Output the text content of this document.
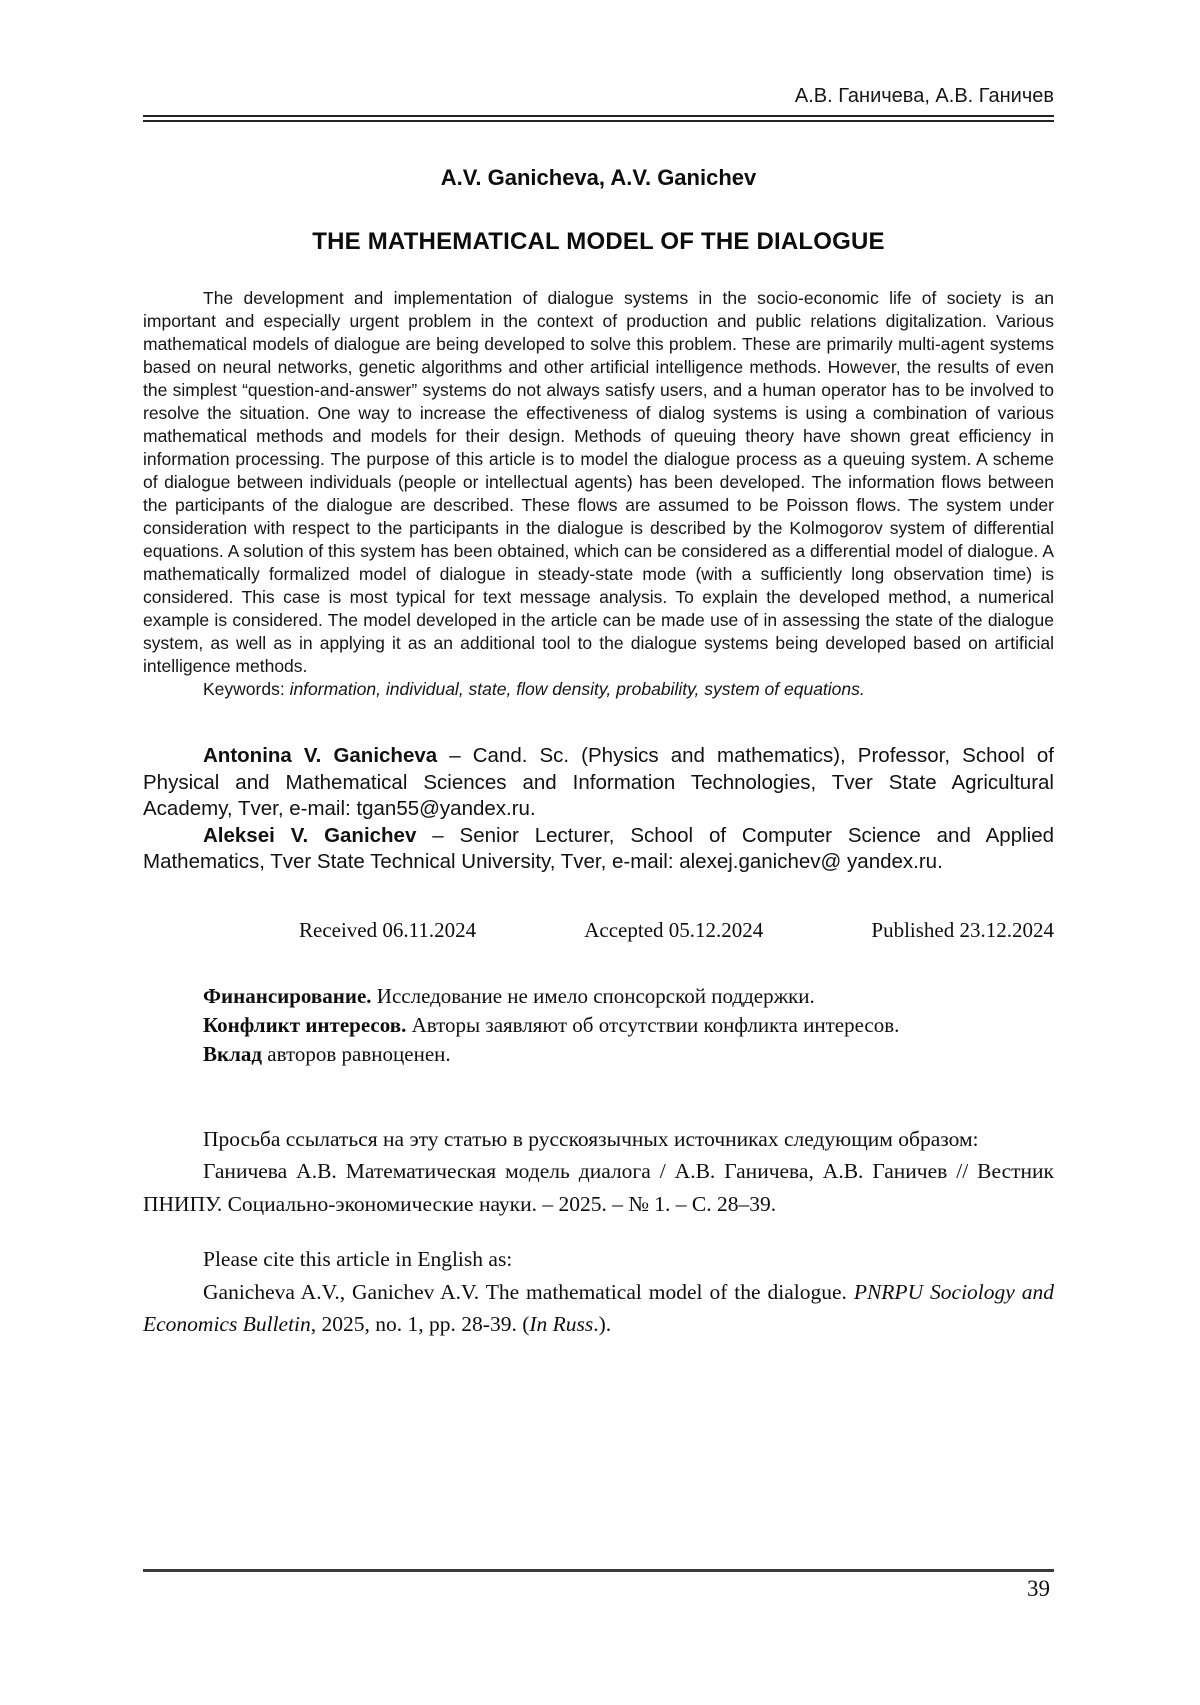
А.В. Ганичева, А.В. Ганичев
A.V. Ganicheva, A.V. Ganichev
THE MATHEMATICAL MODEL OF THE DIALOGUE

The development and implementation of dialogue systems in the socio-economic life of society is an important and especially urgent problem in the context of production and public relations digitalization. Various mathematical models of dialogue are being developed to solve this problem. These are primarily multi-agent systems based on neural networks, genetic algorithms and other artificial intelligence methods. However, the results of even the simplest “question-and-answer” systems do not always satisfy users, and a human operator has to be involved to resolve the situation. One way to increase the effectiveness of dialog systems is using a combination of various mathematical methods and models for their design. Methods of queuing theory have shown great efficiency in information processing. The purpose of this article is to model the dialogue process as a queuing system. A scheme of dialogue between individuals (people or intellectual agents) has been developed. The information flows between the participants of the dialogue are described. These flows are assumed to be Poisson flows. The system under consideration with respect to the participants in the dialogue is described by the Kolmogorov system of differential equations. A solution of this system has been obtained, which can be considered as a differential model of dialogue. A mathematically formalized model of dialogue in steady-state mode (with a sufficiently long observation time) is considered. This case is most typical for text message analysis. To explain the developed method, a numerical example is considered. The model developed in the article can be made use of in assessing the state of the dialogue system, as well as in applying it as an additional tool to the dialogue systems being developed based on artificial intelligence methods.

Keywords: information, individual, state, flow density, probability, system of equations.

Antonina V. Ganicheva – Cand. Sc. (Physics and mathematics), Professor, School of Physical and Mathematical Sciences and Information Technologies, Tver State Agricultural Academy, Tver, e-mail: tgan55@yandex.ru.

Aleksei V. Ganichev – Senior Lecturer, School of Computer Science and Applied Mathematics, Tver State Technical University, Tver, e-mail: alexej.ganichev@ yandex.ru.

Received 06.11.2024	Accepted 05.12.2024	Published 23.12.2024

Финансирование. Исследование не имело спонсорской поддержки.

Конфликт интересов. Авторы заявляют об отсутствии конфликта интересов.

Вклад авторов равноценен.

Просьба ссылаться на эту статью в русскоязычных источниках следующим образом:

Ганичева А.В. Математическая модель диалога / А.В. Ганичева, А.В. Ганичев // Вестник ПНИПУ. Социально-экономические науки. – 2025. – № 1. – С. 28–39.

Please cite this article in English as:

Ganicheva A.V., Ganichev A.V. The mathematical model of the dialogue. PNRPU Sociology and Economics Bulletin, 2025, no. 1, pp. 28-39. (In Russ.).

39
